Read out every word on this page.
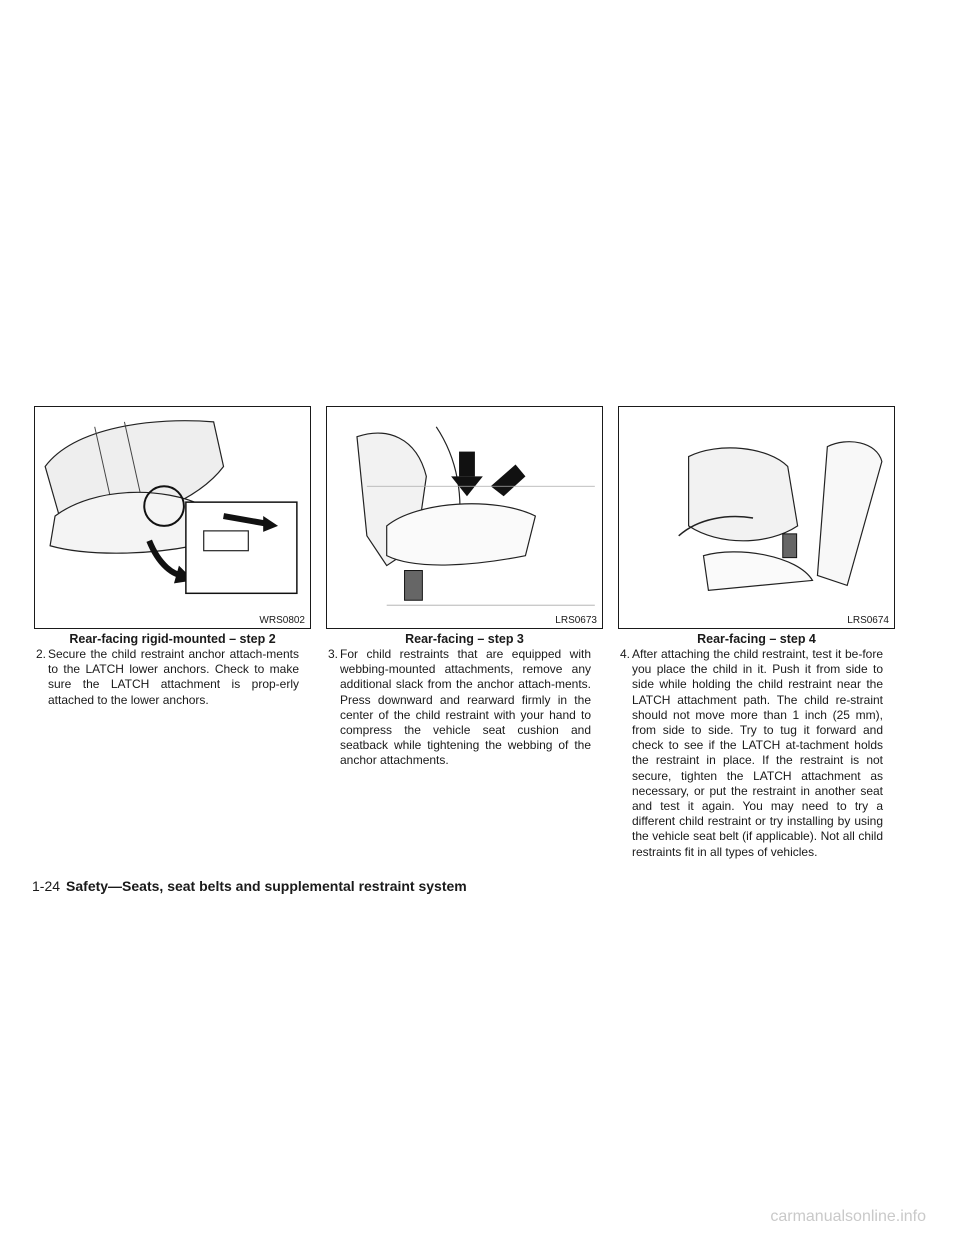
WRS0802	LRS0673	LRS0674
Rear-facing rigid-mounted – step 2	Rear-facing – step 3	Rear-facing – step 4
2. Secure the child restraint anchor attach-ments to the LATCH lower anchors. Check to make sure the LATCH attachment is prop-erly attached to the lower anchors.
3. For child restraints that are equipped with webbing-mounted attachments, remove any additional slack from the anchor attach-ments. Press downward and rearward firmly in the center of the child restraint with your hand to compress the vehicle seat cushion and seatback while tightening the webbing of the anchor attachments.
4. After attaching the child restraint, test it be-fore you place the child in it. Push it from side to side while holding the child restraint near the LATCH attachment path. The child re-straint should not move more than 1 inch (25 mm), from side to side. Try to tug it forward and check to see if the LATCH at-tachment holds the restraint in place. If the restraint is not secure, tighten the LATCH attachment as necessary, or put the restraint in another seat and test it again. You may need to try a different child restraint or try installing by using the vehicle seat belt (if applicable). Not all child restraints fit in all types of vehicles.
1-24 Safety—Seats, seat belts and supplemental restraint system
carmanualsonline.info
